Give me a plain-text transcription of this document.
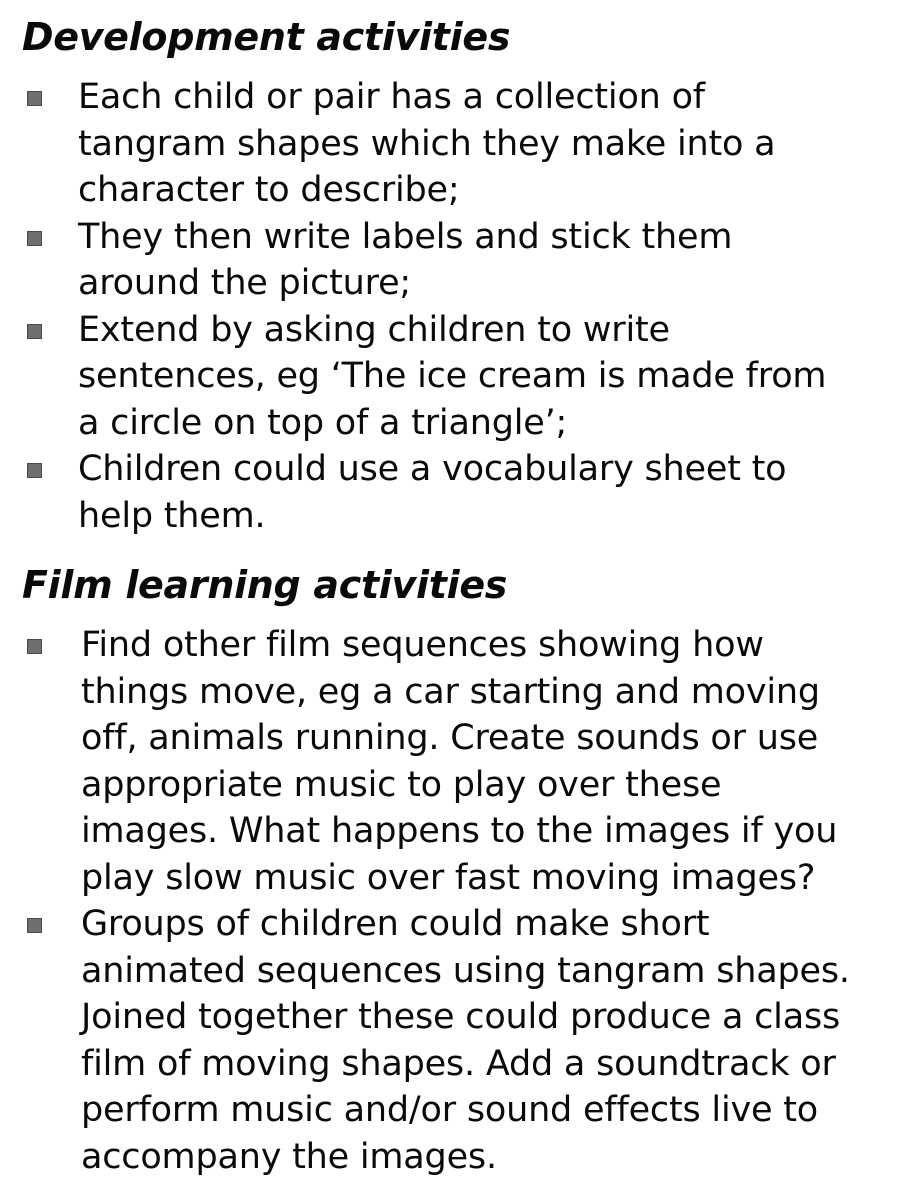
Development activities
Each child or pair has a collection of
tangram shapes which they make into a
character to describe;
They then write labels and stick them
around the picture;
Extend by asking children to write
sentences, eg ‘The ice cream is made from
a circle on top of a triangle’;
Children could use a vocabulary sheet to
help them.
Film learning activities
Find other film sequences showing how
things move, eg a car starting and moving
off, animals running. Create sounds or use
appropriate music to play over these
images. What happens to the images if you
play slow music over fast moving images?
Groups of children could make short
animated sequences using tangram shapes.
Joined together these could produce a class
film of moving shapes. Add a soundtrack or
perform music and/or sound effects live to
accompany the images.
